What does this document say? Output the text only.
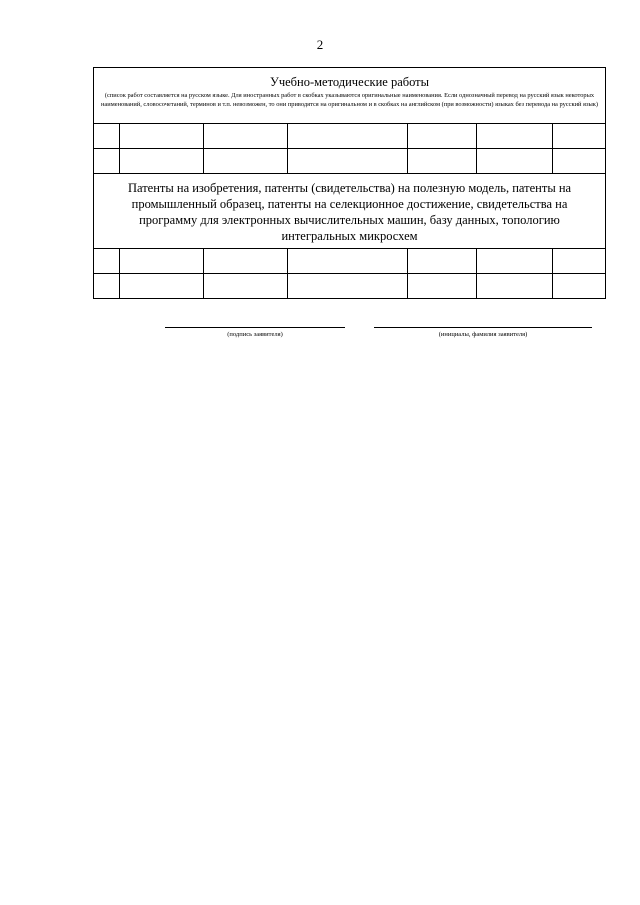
2
Учебно-методические работы
(список работ составляется на русском языке. Для иностранных работ в скобках указываются оригинальные наименования. Если однозначный перевод на русский язык некоторых наименований, словосочетаний, терминов и т.п. невозможен, то они приводятся на оригинальном и в скобках на английском (при возможности) языках без перевода на русский язык)						

Патенты на изобретения, патенты (свидетельства) на полезную модель, патенты на промышленный образец, патенты на селекционное достижение, свидетельства на программу для электронных вычислительных машин, базу данных, топологию интегральных микросхем						

(подпись заявителя)	(инициалы, фамилия заявителя)
